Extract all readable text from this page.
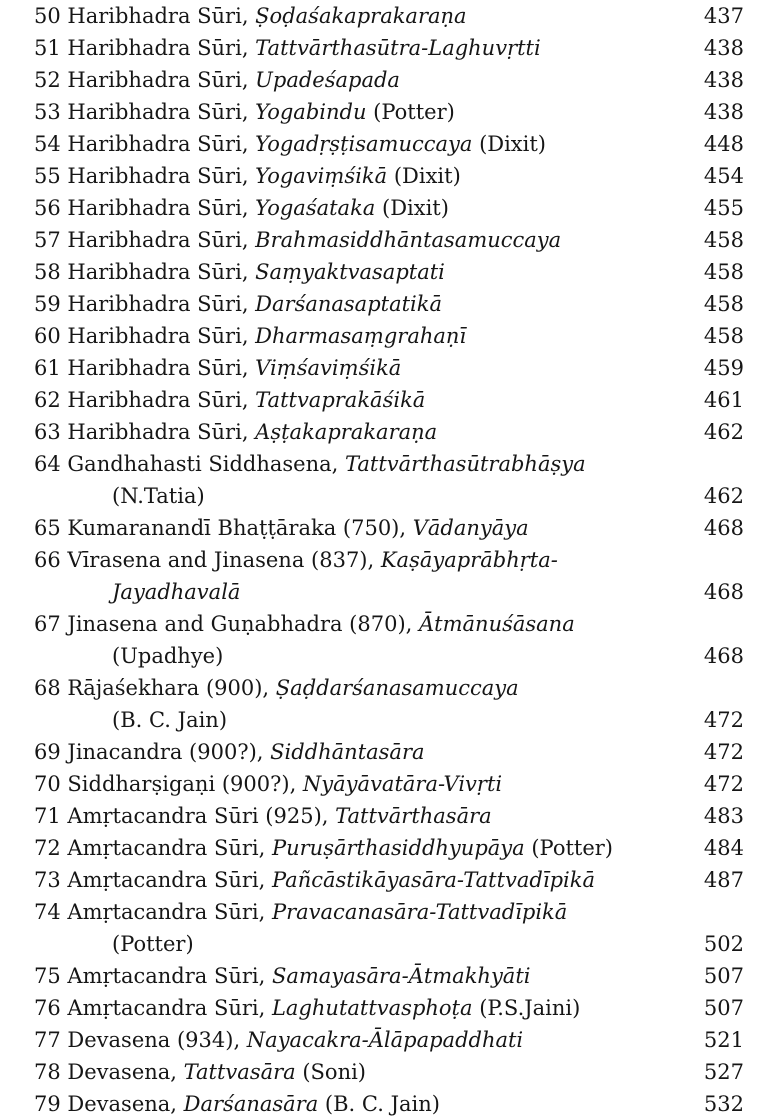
50 Haribhadra Sūri, Ṣoḍaśakaprakaraṇa	437
51 Haribhadra Sūri, Tattvārthasūtra-Laghuvṛtti	438
52 Haribhadra Sūri, Upadeśapada	438
53 Haribhadra Sūri, Yogabindu (Potter)	438
54 Haribhadra Sūri, Yogadṛṣṭisamuccaya (Dixit)	448
55 Haribhadra Sūri, Yogaviṃśikā (Dixit)	454
56 Haribhadra Sūri, Yogaśataka (Dixit)	455
57 Haribhadra Sūri, Brahmasiddhāntasamuccaya	458
58 Haribhadra Sūri, Saṃyaktvasaptati	458
59 Haribhadra Sūri, Darśanasaptatikā	458
60 Haribhadra Sūri, Dharmasaṃgrahaṇī	458
61 Haribhadra Sūri, Viṃśaviṃśikā	459
62 Haribhadra Sūri, Tattvaprakāśikā	461
63 Haribhadra Sūri, Aṣṭakaprakaraṇa	462
64 Gandhahasti Siddhasena, Tattvārthasūtrabhāṣya
(N.Tatia)	462
65 Kumaranandī Bhaṭṭāraka (750), Vādanyāya	468
66 Vīrasena and Jinasena (837), Kaṣāyaprābhṛta-
Jayadhavalā	468
67 Jinasena and Guṇabhadra (870), Ātmānuśāsana
(Upadhye)	468
68 Rājaśekhara (900), Ṣaḍdarśanasamuccaya
(B. C. Jain)	472
69 Jinacandra (900?), Siddhāntasāra	472
70 Siddharṣigaṇi (900?), Nyāyāvatāra-Vivṛti	472
71 Amṛtacandra Sūri (925), Tattvārthasāra	483
72 Amṛtacandra Sūri, Puruṣārthasiddhyupāya (Potter)	484
73 Amṛtacandra Sūri, Pañcāstikāyasāra-Tattvadīpikā	487
74 Amṛtacandra Sūri, Pravacanasāra-Tattvadīpikā
(Potter)	502
75 Amṛtacandra Sūri, Samayasāra-Ātmakhyāti	507
76 Amṛtacandra Sūri, Laghutattvasphoṭa (P.S.Jaini)	507
77 Devasena (934), Nayacakra-Ālāpapaddhati	521
78 Devasena, Tattvasāra (Soni)	527
79 Devasena, Darśanasāra (B. C. Jain)	532
